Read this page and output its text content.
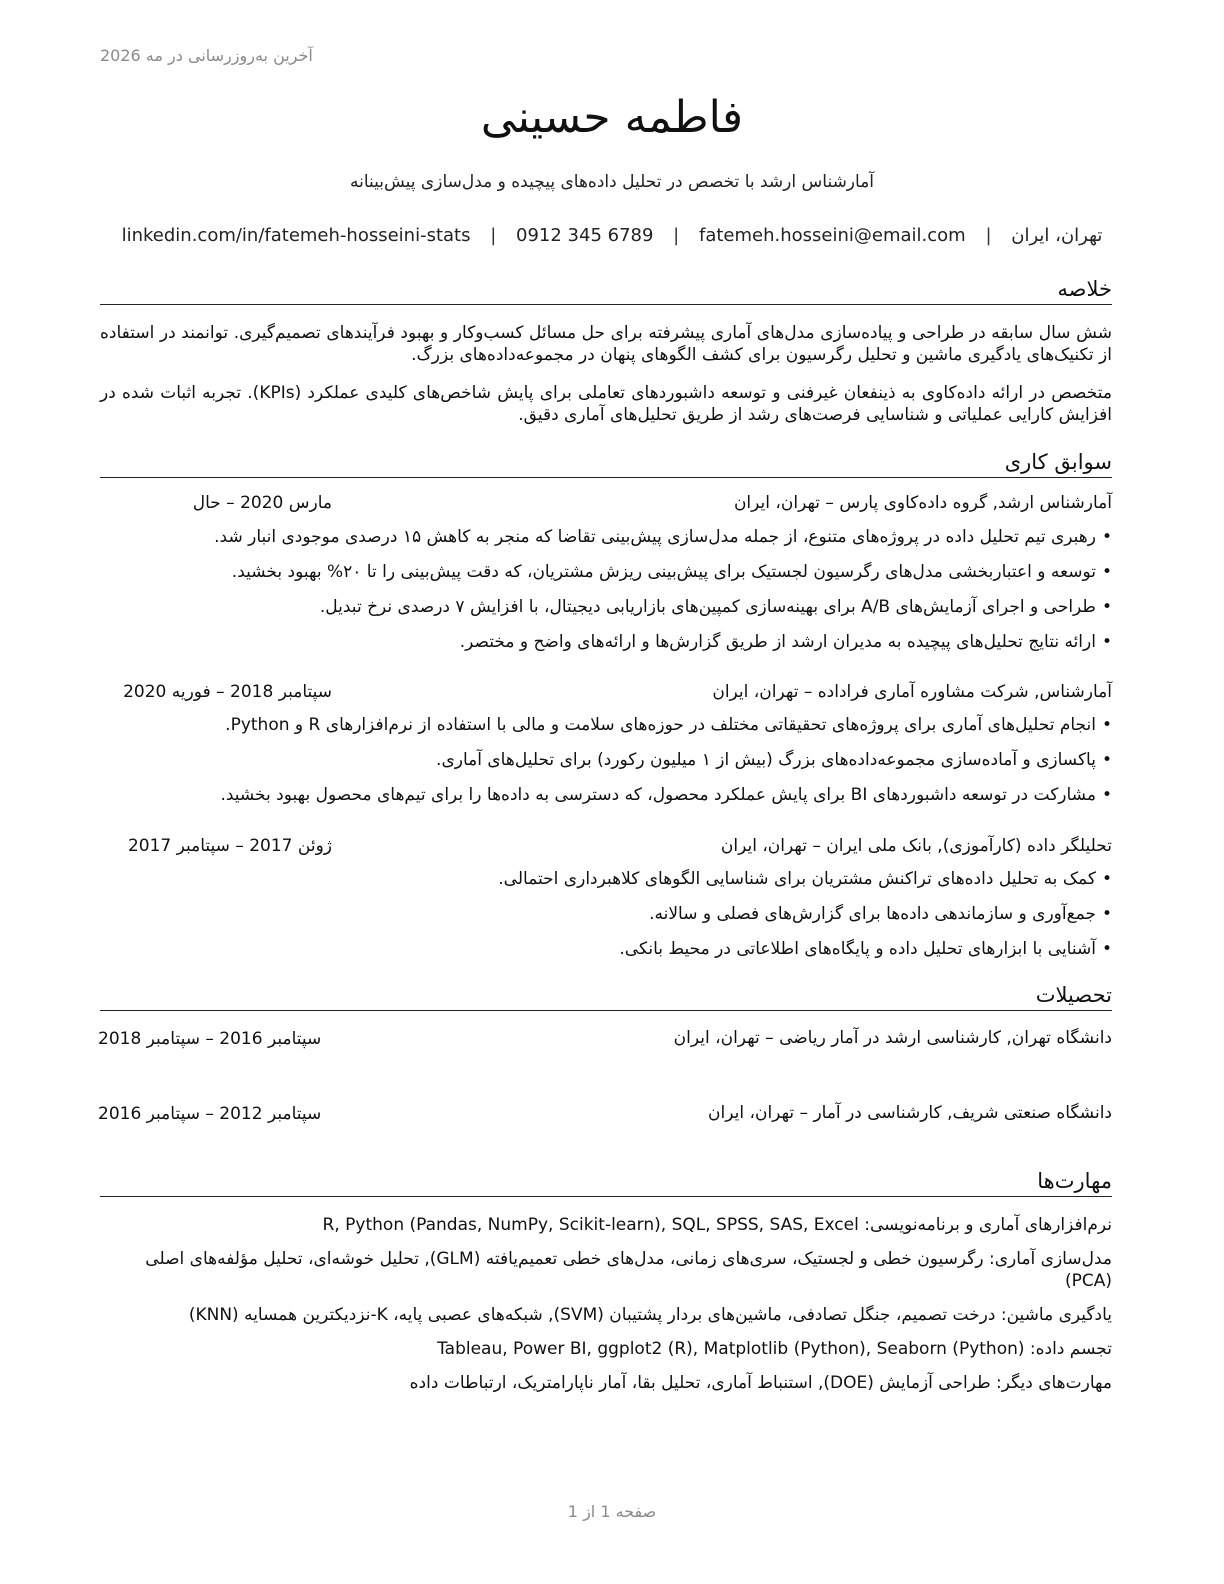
آخرین به‌روزرسانی در مه 2026
فاطمه حسینی
آمارشناس ارشد با تخصص در تحلیل داده‌های پیچیده و مدل‌سازی پیش‌بینانه
تهران، ایران | fatemeh.hosseini@email.com | 0912 345 6789 | linkedin.com/in/fatemeh-hosseini-stats
خلاصه
شش سال سابقه در طراحی و پیاده‌سازی مدل‌های آماری پیشرفته برای حل مسائل کسب‌وکار و بهبود فرآیندهای تصمیم‌گیری. توانمند در استفاده از تکنیک‌های یادگیری ماشین و تحلیل رگرسیون برای کشف الگوهای پنهان در مجموعه‌داده‌های بزرگ.
متخصص در ارائه داده‌کاوی به ذینفعان غیرفنی و توسعه داشبوردهای تعاملی برای پایش شاخص‌های کلیدی عملکرد (KPIs). تجربه اثبات شده در افزایش کارایی عملیاتی و شناسایی فرصت‌های رشد از طریق تحلیل‌های آماری دقیق.
سوابق کاری
آمارشناس ارشد, گروه داده‌کاوی پارس – تهران، ایران
مارس 2020 – حال
•رهبری تیم تحلیل داده در پروژه‌های متنوع، از جمله مدل‌سازی پیش‌بینی تقاضا که منجر به کاهش ۱۵ درصدی موجودی انبار شد.
•توسعه و اعتباربخشی مدل‌های رگرسیون لجستیک برای پیش‌بینی ریزش مشتریان، که دقت پیش‌بینی را تا ۲۰% بهبود بخشید.
•طراحی و اجرای آزمایش‌های A/B برای بهینه‌سازی کمپین‌های بازاریابی دیجیتال، با افزایش ۷ درصدی نرخ تبدیل.
•ارائه نتایج تحلیل‌های پیچیده به مدیران ارشد از طریق گزارش‌ها و ارائه‌های واضح و مختصر.
آمارشناس, شرکت مشاوره آماری فرادادە – تهران، ایران
سپتامبر 2018 – فوریه 2020
•انجام تحلیل‌های آماری برای پروژه‌های تحقیقاتی مختلف در حوزه‌های سلامت و مالی با استفاده از نرم‌افزارهای R و Python.
•پاکسازی و آماده‌سازی مجموعه‌داده‌های بزرگ (بیش از ۱ میلیون رکورد) برای تحلیل‌های آماری.
•مشارکت در توسعه داشبوردهای BI برای پایش عملکرد محصول، که دسترسی به داده‌ها را برای تیم‌های محصول بهبود بخشید.
تحلیلگر داده (کارآموزی), بانک ملی ایران – تهران، ایران
ژوئن 2017 – سپتامبر 2017
•کمک به تحلیل داده‌های تراکنش مشتریان برای شناسایی الگوهای کلاهبرداری احتمالی.
•جمع‌آوری و سازماندهی داده‌ها برای گزارش‌های فصلی و سالانه.
•آشنایی با ابزارهای تحلیل داده و پایگاه‌های اطلاعاتی در محیط بانکی.
تحصیلات
دانشگاه تهران, کارشناسی ارشد در آمار ریاضی – تهران، ایران
سپتامبر 2016 – سپتامبر 2018
دانشگاه صنعتی شریف, کارشناسی در آمار – تهران، ایران
سپتامبر 2012 – سپتامبر 2016
مهارت‌ها
نرم‌افزارهای آماری و برنامه‌نویسی: R, Python (Pandas, NumPy, Scikit-learn), SQL, SPSS, SAS, Excel
مدل‌سازی آماری: رگرسیون خطی و لجستیک، سری‌های زمانی، مدل‌های خطی تعمیم‌یافته (GLM), تحلیل خوشه‌ای، تحلیل مؤلفه‌های اصلی (PCA)
یادگیری ماشین: درخت تصمیم، جنگل تصادفی، ماشین‌های بردار پشتیبان (SVM), شبکه‌های عصبی پایه، K-نزدیکترین همسایه (KNN)
تجسم داده: Tableau, Power BI, ggplot2 (R), Matplotlib (Python), Seaborn (Python)
مهارت‌های دیگر: طراحی آزمایش (DOE), استنباط آماری، تحلیل بقا، آمار ناپارامتریک، ارتباطات داده
صفحه 1 از 1
